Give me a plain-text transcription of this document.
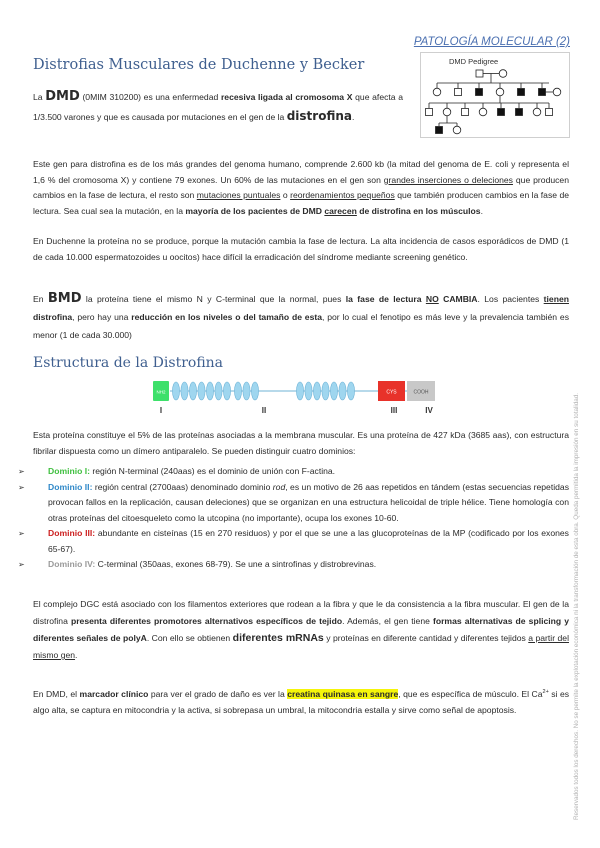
PATOLOGÍA MOLECULAR (2)
Distrofias Musculares de Duchenne y Becker	DMD Pedigree
La DMD (0MIM 310200) es una enfermedad recesiva ligada al cromosoma X que afecta a 1/3.500 varones y que es causada por mutaciones en el gen de la distrofina.
Este gen para distrofina es de los más grandes del genoma humano, comprende 2.600 kb (la mitad del genoma de E. coli y representa el 1,6 % del cromosoma X) y contiene 79 exones. Un 60% de las mutaciones en el gen son grandes inserciones o deleciones que producen cambios en la fase de lectura, el resto son mutaciones puntuales o reordenamientos pequeños que también producen cambios en la fase de lectura. Sea cual sea la mutación, en la mayoría de los pacientes de DMD carecen de distrofina en los músculos.
En Duchenne la proteína no se produce, porque la mutación cambia la fase de lectura. La alta incidencia de casos esporádicos de DMD (1 de cada 10.000 espermatozoides u oocitos) hace difícil la erradicación del síndrome mediante screening genético.
En BMD la proteína tiene el mismo N y C-terminal que la normal, pues la fase de lectura NO CAMBIA. Los pacientes tienen distrofina, pero hay una reducción en los niveles o del tamaño de esta, por lo cual el fenotipo es más leve y la prevalencia también es menor (1 de cada 30.000)
Estructura de la Distrofina
NH2	CYS	COOH
I	II	III	IV
Esta proteína constituye el 5% de las proteínas asociadas a la membrana muscular. Es una proteína de 427 kDa (3685 aas), con estructura fibrilar dispuesta como un dímero antiparalelo. Se pueden distinguir cuatro dominios:
➢	Dominio I: región N-terminal (240aas) es el dominio de unión con F-actina.
➢	Dominio II: región central (2700aas) denominado dominio rod, es un motivo de 26 aas repetidos en tándem (estas secuencias repetidas provocan fallos en la replicación, causan deleciones) que se organizan en una estructura helicoidal de triple hélice. Tiene homología con otras proteínas del citoesqueleto como la utcopina (no importante), ocupa los exones 10-60.
➢	Dominio III: abundante en cisteínas (15 en 270 residuos) y por el que se une a las glucoproteínas de la MP (codificado por los exones 65-67).
➢	Dominio IV: C-terminal (350aas, exones 68-79). Se une a sintrofinas y distrobrevinas.
El complejo DGC está asociado con los filamentos exteriores que rodean a la fibra y que le da consistencia a la fibra muscular. El gen de la distrofina presenta diferentes promotores alternativos específicos de tejido. Además, el gen tiene formas alternativas de splicing y diferentes señales de polyA. Con ello se obtienen diferentes mRNAs y proteínas en diferente cantidad y diferentes tejidos a partir del mismo gen.
En DMD, el marcador clínico para ver el grado de daño es ver la creatina quinasa en sangre, que es específica de músculo. El $Ca^{2+}$ si es algo alta, se captura en mitocondria y la activa, si sobrepasa un umbral, la mitocondria estalla y sirve como señal de apoptosis.	Reservados todos los derechos. No se permite la explotación económica ni la transformación de esta obra. Queda permitida la impresión en su totalidad.
